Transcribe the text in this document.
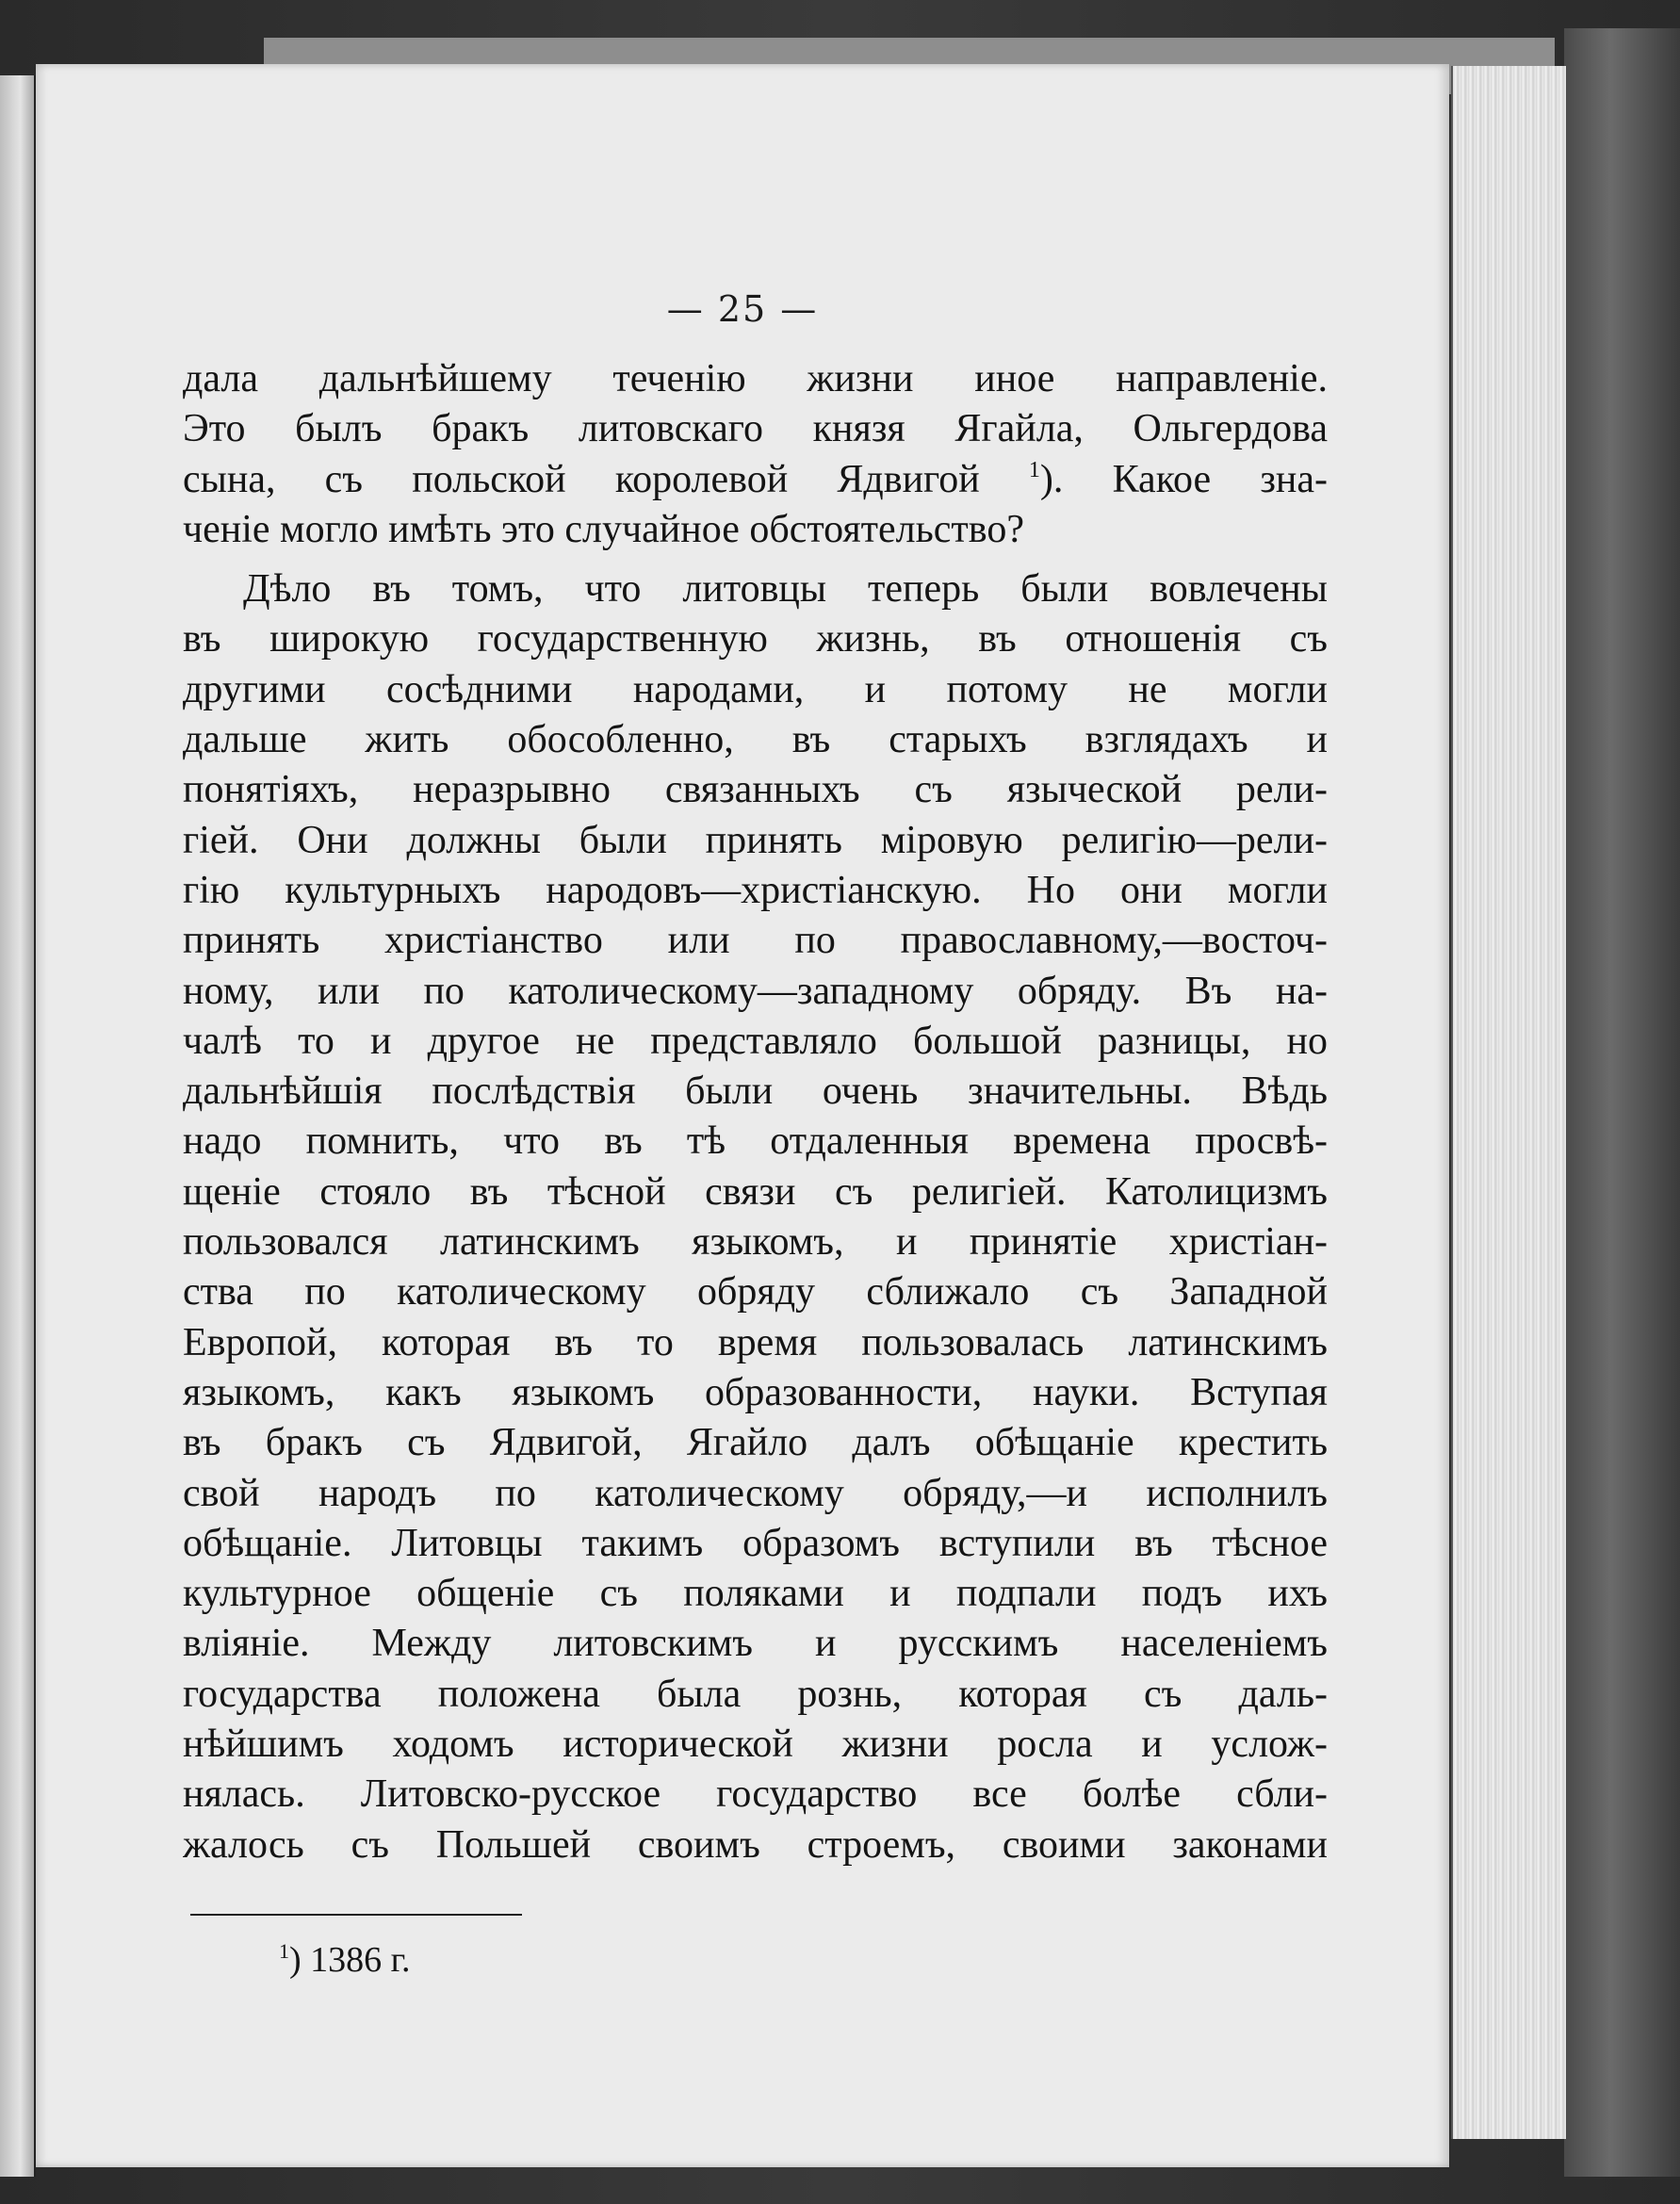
— 25 —
дала дальнѣйшему теченію жизни иное направленіе.
Это былъ бракъ литовскаго князя Ягайла, Ольгердова
сына, съ польской королевой Ядвигой $^1$). Какое зна-
ченіе могло имѣть это случайное обстоятельство?
Дѣло въ томъ, что литовцы теперь были вовлечены
въ широкую государственную жизнь, въ отношенія съ
другими сосѣдними народами, и потому не могли
дальше жить обособленно, въ старыхъ взглядахъ и
понятіяхъ, неразрывно связанныхъ съ языческой рели-
гіей. Они должны были принять міровую религію—рели-
гію культурныхъ народовъ—христіанскую. Но они могли
принять христіанство или по православному,—восточ-
ному, или по католическому—западному обряду. Въ на-
чалѣ то и другое не представляло большой разницы, но
дальнѣйшія послѣдствія были очень значительны. Вѣдь
надо помнить, что въ тѣ отдаленныя времена просвѣ-
щеніе стояло въ тѣсной связи съ религіей. Католицизмъ
пользовался латинскимъ языкомъ, и принятіе христіан-
ства по католическому обряду сближало съ Западной
Европой, которая въ то время пользовалась латинскимъ
языкомъ, какъ языкомъ образованности, науки. Вступая
въ бракъ съ Ядвигой, Ягайло далъ обѣщаніе крестить
свой народъ по католическому обряду,—и исполнилъ
обѣщаніе. Литовцы такимъ образомъ вступили въ тѣсное
культурное общеніе съ поляками и подпали подъ ихъ
вліяніе. Между литовскимъ и русскимъ населеніемъ
государства положена была рознь, которая съ даль-
нѣйшимъ ходомъ исторической жизни росла и услож-
нялась. Литовско-русское государство все болѣе сбли-
жалось съ Польшей своимъ строемъ, своими законами
$^1$) 1386 г.
